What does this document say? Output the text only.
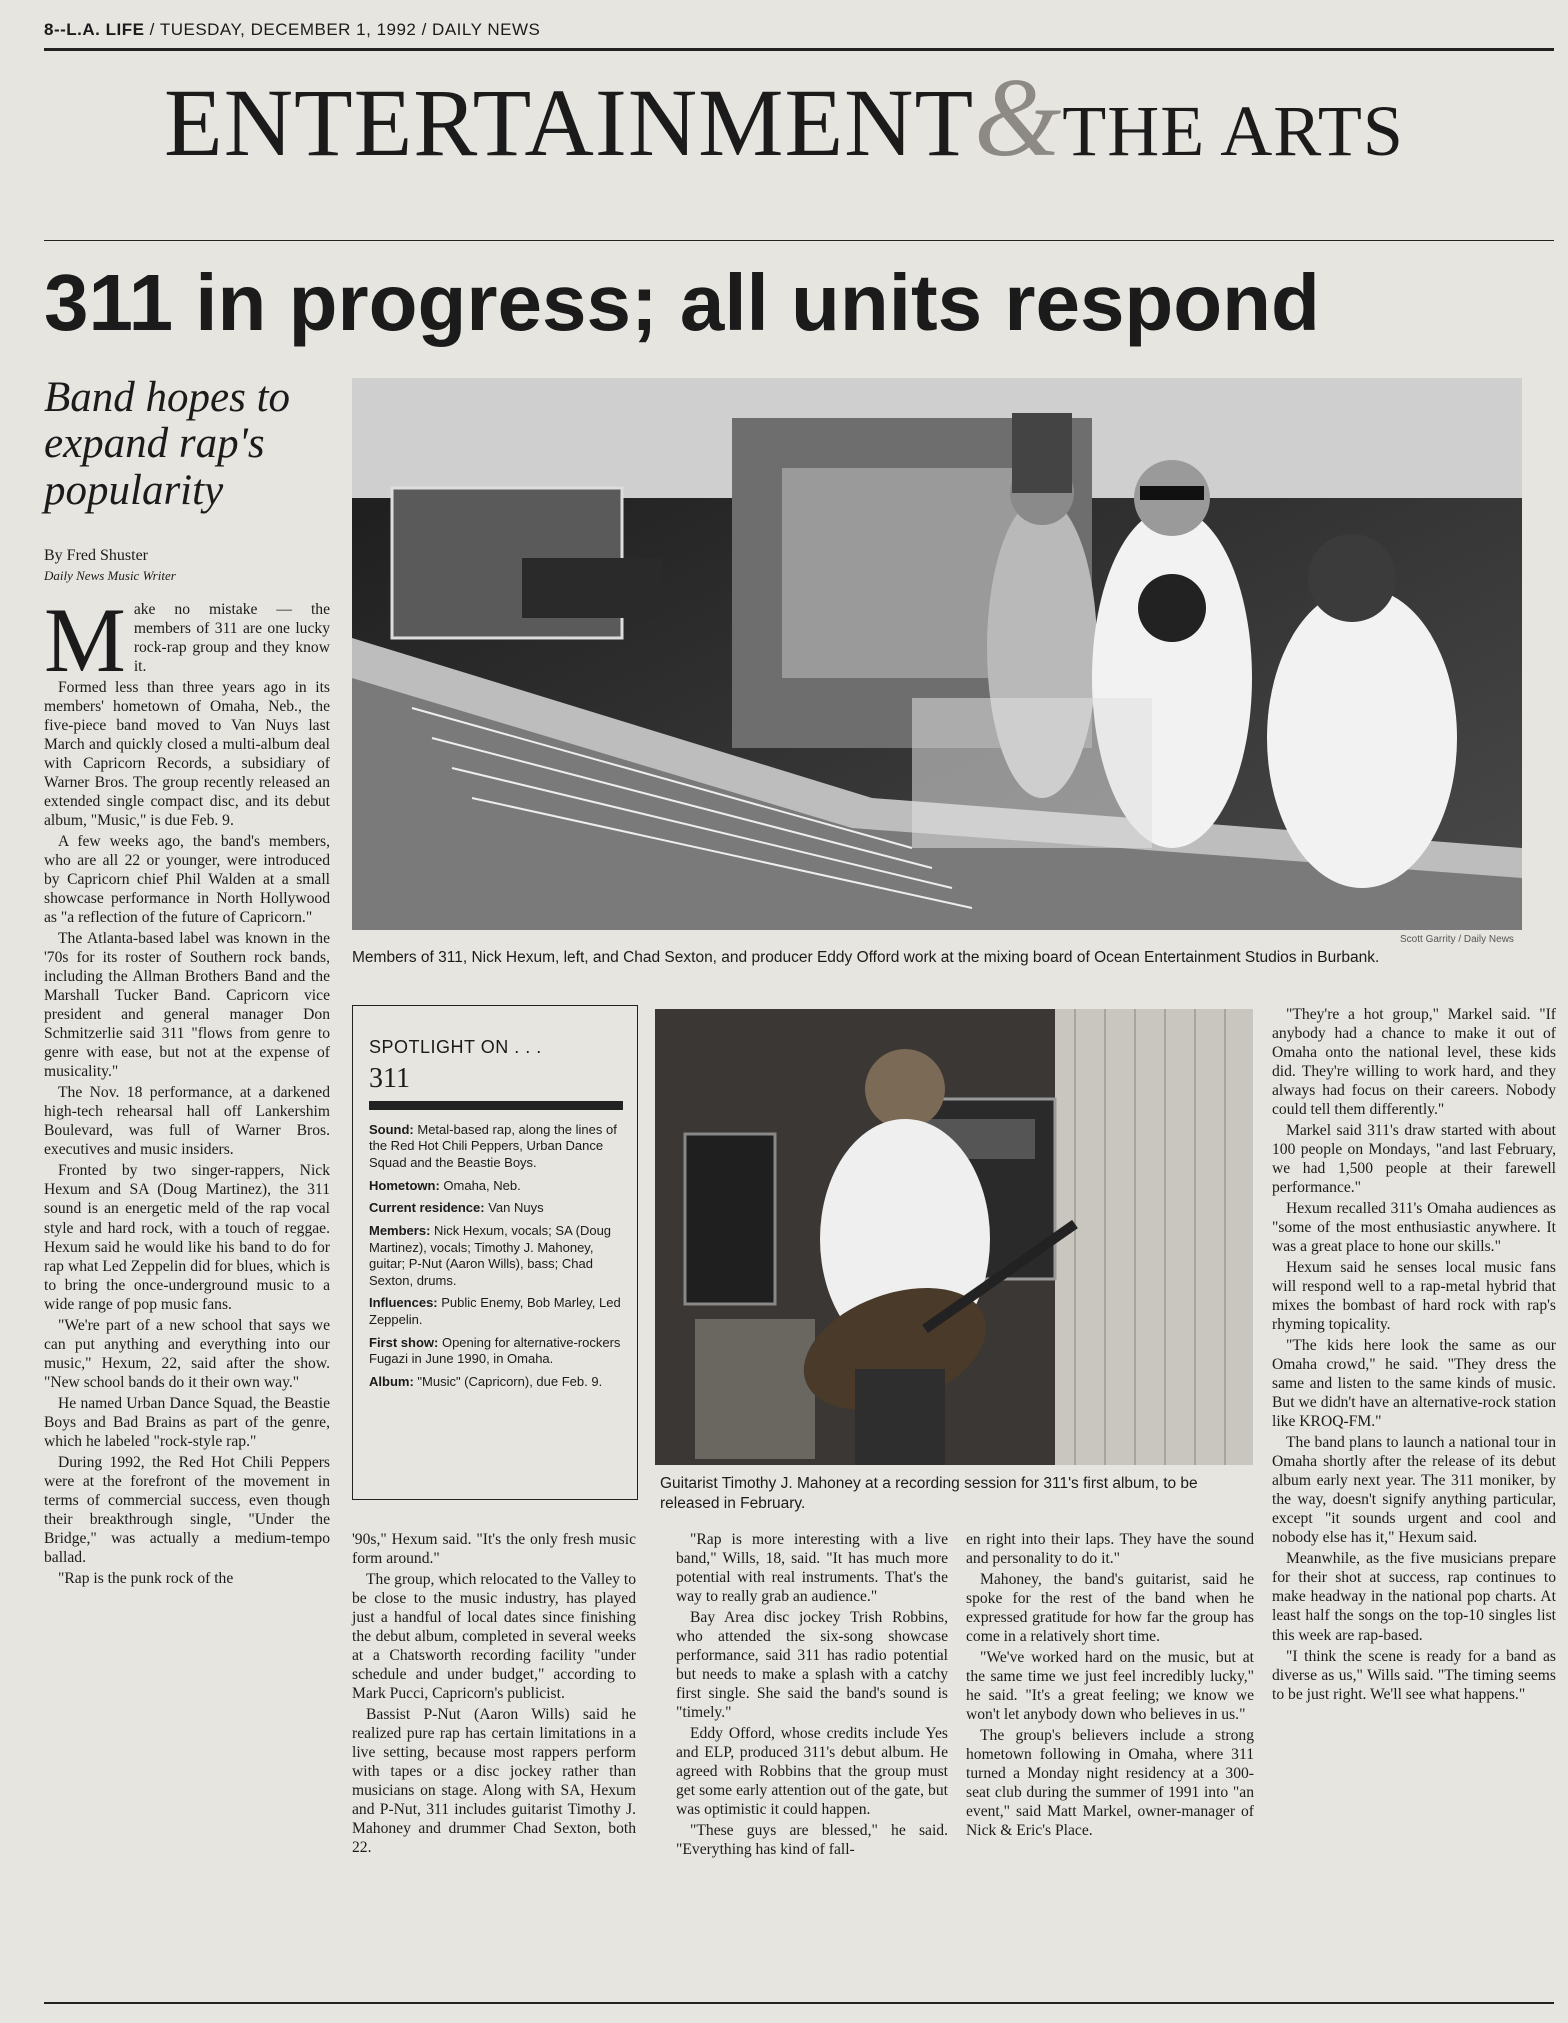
8--L.A. LIFE / TUESDAY, DECEMBER 1, 1992 / DAILY NEWS
ENTERTAINMENT&THE ARTS
311 in progress; all units respond
Band hopes to expand rap's popularity
By Fred Shuster
Daily News Music Writer

Make no mistake — the members of 311 are one lucky rock-rap group and they know it.

Formed less than three years ago in its members' hometown of Omaha, Neb., the five-piece band moved to Van Nuys last March and quickly closed a multi-album deal with Capricorn Records, a subsidiary of Warner Bros. The group recently released an extended single compact disc, and its debut album, "Music," is due Feb. 9.

A few weeks ago, the band's members, who are all 22 or younger, were introduced by Capricorn chief Phil Walden at a small showcase performance in North Hollywood as "a reflection of the future of Capricorn."

The Atlanta-based label was known in the '70s for its roster of Southern rock bands, including the Allman Brothers Band and the Marshall Tucker Band. Capricorn vice president and general manager Don Schmitzerlie said 311 "flows from genre to genre with ease, but not at the expense of musicality."

The Nov. 18 performance, at a darkened high-tech rehearsal hall off Lankershim Boulevard, was full of Warner Bros. executives and music insiders.

Fronted by two singer-rappers, Nick Hexum and SA (Doug Martinez), the 311 sound is an energetic meld of the rap vocal style and hard rock, with a touch of reggae. Hexum said he would like his band to do for rap what Led Zeppelin did for blues, which is to bring the once-underground music to a wide range of pop music fans.

"We're part of a new school that says we can put anything and everything into our music," Hexum, 22, said after the show. "New school bands do it their own way."

He named Urban Dance Squad, the Beastie Boys and Bad Brains as part of the genre, which he labeled "rock-style rap."

During 1992, the Red Hot Chili Peppers were at the forefront of the movement in terms of commercial success, even though their breakthrough single, "Under the Bridge," was actually a medium-tempo ballad.

"Rap is the punk rock of the

Scott Garrity / Daily News
Members of 311, Nick Hexum, left, and Chad Sexton, and producer Eddy Offord work at the mixing board of Ocean Entertainment Studios in Burbank.
SPOTLIGHT ON . . .
311
Sound: Metal-based rap, along the lines of the Red Hot Chili Peppers, Urban Dance Squad and the Beastie Boys.
Hometown: Omaha, Neb.
Current residence: Van Nuys
Members: Nick Hexum, vocals; SA (Doug Martinez), vocals; Timothy J. Mahoney, guitar; P-Nut (Aaron Wills), bass; Chad Sexton, drums.
Influences: Public Enemy, Bob Marley, Led Zeppelin.
First show: Opening for alternative-rockers Fugazi in June 1990, in Omaha.
Album: "Music" (Capricorn), due Feb. 9.
Guitarist Timothy J. Mahoney at a recording session for 311's first album, to be released in February.

'90s," Hexum said. "It's the only fresh music form around."

The group, which relocated to the Valley to be close to the music industry, has played just a handful of local dates since finishing the debut album, completed in several weeks at a Chatsworth recording facility "under schedule and under budget," according to Mark Pucci, Capricorn's publicist.

Bassist P-Nut (Aaron Wills) said he realized pure rap has certain limitations in a live setting, because most rappers perform with tapes or a disc jockey rather than musicians on stage. Along with SA, Hexum and P-Nut, 311 includes guitarist Timothy J. Mahoney and drummer Chad Sexton, both 22.

"Rap is more interesting with a live band," Wills, 18, said. "It has much more potential with real instruments. That's the way to really grab an audience."

Bay Area disc jockey Trish Robbins, who attended the six-song showcase performance, said 311 has radio potential but needs to make a splash with a catchy first single. She said the band's sound is "timely."

Eddy Offord, whose credits include Yes and ELP, produced 311's debut album. He agreed with Robbins that the group must get some early attention out of the gate, but was optimistic it could happen.

"These guys are blessed," he said. "Everything has kind of fall-

en right into their laps. They have the sound and personality to do it."

Mahoney, the band's guitarist, said he spoke for the rest of the band when he expressed gratitude for how far the group has come in a relatively short time.

"We've worked hard on the music, but at the same time we just feel incredibly lucky," he said. "It's a great feeling; we know we won't let anybody down who believes in us."

The group's believers include a strong hometown following in Omaha, where 311 turned a Monday night residency at a 300-seat club during the summer of 1991 into "an event," said Matt Markel, owner-manager of Nick & Eric's Place.

"They're a hot group," Markel said. "If anybody had a chance to make it out of Omaha onto the national level, these kids did. They're willing to work hard, and they always had focus on their careers. Nobody could tell them differently."

Markel said 311's draw started with about 100 people on Mondays, "and last February, we had 1,500 people at their farewell performance."

Hexum recalled 311's Omaha audiences as "some of the most enthusiastic anywhere. It was a great place to hone our skills."

Hexum said he senses local music fans will respond well to a rap-metal hybrid that mixes the bombast of hard rock with rap's rhyming topicality.

"The kids here look the same as our Omaha crowd," he said. "They dress the same and listen to the same kinds of music. But we didn't have an alternative-rock station like KROQ-FM."

The band plans to launch a national tour in Omaha shortly after the release of its debut album early next year. The 311 moniker, by the way, doesn't signify anything particular, except "it sounds urgent and cool and nobody else has it," Hexum said.

Meanwhile, as the five musicians prepare for their shot at success, rap continues to make headway in the national pop charts. At least half the songs on the top-10 singles list this week are rap-based.

"I think the scene is ready for a band as diverse as us," Wills said. "The timing seems to be just right. We'll see what happens."
